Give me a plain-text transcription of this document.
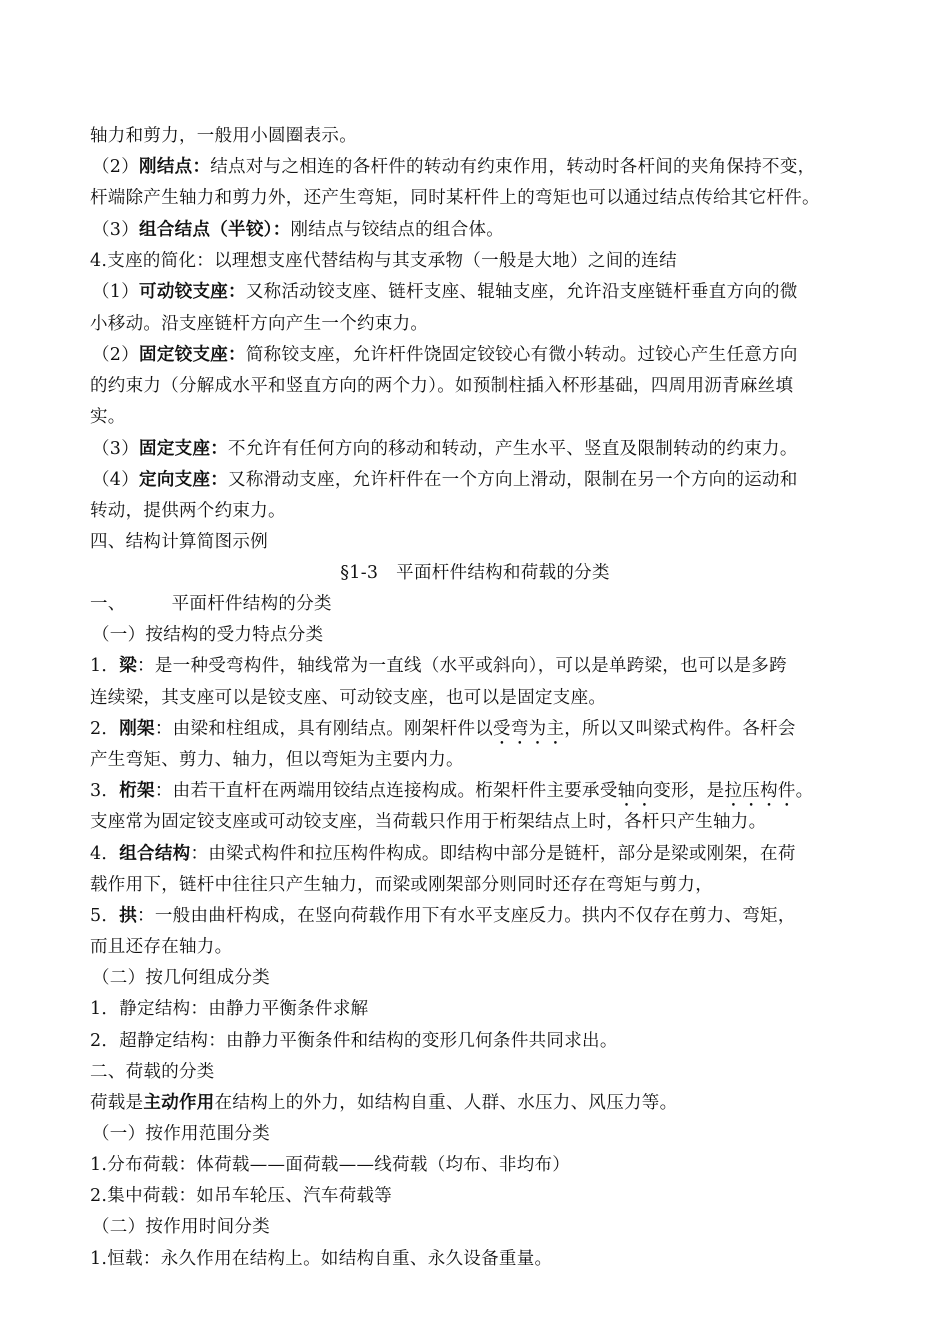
轴力和剪力，一般用小圆圈表示。
（2）刚结点：结点对与之相连的各杆件的转动有约束作用，转动时各杆间的夹角保持不变，
杆端除产生轴力和剪力外，还产生弯矩，同时某杆件上的弯矩也可以通过结点传给其它杆件。
（3）组合结点（半铰）：刚结点与铰结点的组合体。
4.支座的简化：以理想支座代替结构与其支承物（一般是大地）之间的连结
（1）可动铰支座：又称活动铰支座、链杆支座、辊轴支座，允许沿支座链杆垂直方向的微
小移动。沿支座链杆方向产生一个约束力。
（2）固定铰支座：简称铰支座，允许杆件饶固定铰铰心有微小转动。过铰心产生任意方向
的约束力（分解成水平和竖直方向的两个力）。如预制柱插入杯形基础，四周用沥青麻丝填
实。
（3）固定支座：不允许有任何方向的移动和转动，产生水平、竖直及限制转动的约束力。
（4）定向支座：又称滑动支座，允许杆件在一个方向上滑动，限制在另一个方向的运动和
转动，提供两个约束力。
四、结构计算简图示例
§1-3　平面杆件结构和荷载的分类
一、	平面杆件结构的分类
（一）按结构的受力特点分类
1．梁：是一种受弯构件，轴线常为一直线（水平或斜向），可以是单跨梁，也可以是多跨
连续梁，其支座可以是铰支座、可动铰支座，也可以是固定支座。
2．刚架：由梁和柱组成，具有刚结点。刚架杆件以受弯为主，所以又叫梁式构件。各杆会
产生弯矩、剪力、轴力，但以弯矩为主要内力。
3．桁架：由若干直杆在两端用铰结点连接构成。桁架杆件主要承受轴向变形，是拉压构件。
支座常为固定铰支座或可动铰支座，当荷载只作用于桁架结点上时，各杆只产生轴力。
4．组合结构：由梁式构件和拉压构件构成。即结构中部分是链杆，部分是梁或刚架，在荷
载作用下，链杆中往往只产生轴力，而梁或刚架部分则同时还存在弯矩与剪力，
5．拱：一般由曲杆构成，在竖向荷载作用下有水平支座反力。拱内不仅存在剪力、弯矩，
而且还存在轴力。
（二）按几何组成分类
1．静定结构：由静力平衡条件求解
2．超静定结构：由静力平衡条件和结构的变形几何条件共同求出。
二、荷载的分类
荷载是主动作用在结构上的外力，如结构自重、人群、水压力、风压力等。
（一）按作用范围分类
1.分布荷载：体荷载——面荷载——线荷载（均布、非均布）
2.集中荷载：如吊车轮压、汽车荷载等
（二）按作用时间分类
1.恒载：永久作用在结构上。如结构自重、永久设备重量。
